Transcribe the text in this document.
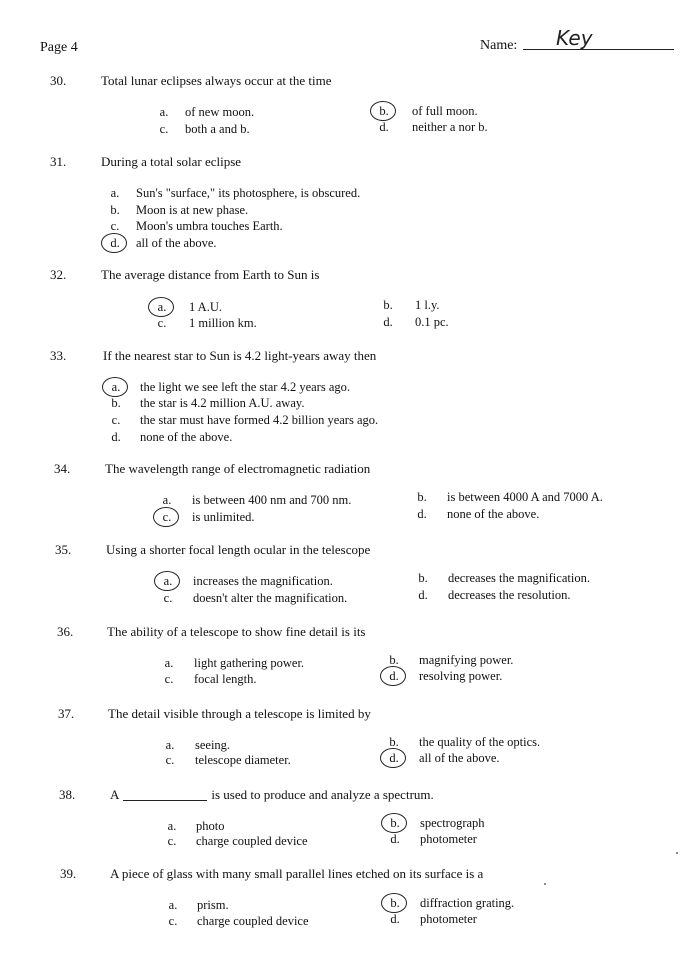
Page 4	Name: Key
30.	Total lunar eclipses always occur at the time
a.	of new moon.	b.	of full moon.
c.	both a and b.	d.	neither a nor b.
31.	During a total solar eclipse
a.	Sun's "surface," its photosphere, is obscured.
b.	Moon is at new phase.
c.	Moon's umbra touches Earth.
d.	all of the above.
32.	The average distance from Earth to Sun is
a.	1 A.U.	b.	1 l.y.
c.	1 million km.	d.	0.1 pc.
33.	If the nearest star to Sun is 4.2 light-years away then
a.	the light we see left the star 4.2 years ago.
b.	the star is 4.2 million A.U. away.
c.	the star must have formed 4.2 billion years ago.
d.	none of the above.
34.	The wavelength range of electromagnetic radiation
a.	is between 400 nm and 700 nm.	b.	is between 4000 A and 7000 A.
c.	is unlimited.	d.	none of the above.
35.	Using a shorter focal length ocular in the telescope
a.	increases the magnification.	b.	decreases the magnification.
c.	doesn't alter the magnification.	d.	decreases the resolution.
36.	The ability of a telescope to show fine detail is its
a.	light gathering power.	b.	magnifying power.
c.	focal length.	d.	resolving power.
37.	The detail visible through a telescope is limited by
a.	seeing.	b.	the quality of the optics.
c.	telescope diameter.	d.	all of the above.
38.	A	is used to produce and analyze a spectrum.
a.	photo	b.	spectrograph
c.	charge coupled device	d.	photometer
39.	A piece of glass with many small parallel lines etched on its surface is a
a.	prism.	b.	diffraction grating.
c.	charge coupled device	d.	photometer
